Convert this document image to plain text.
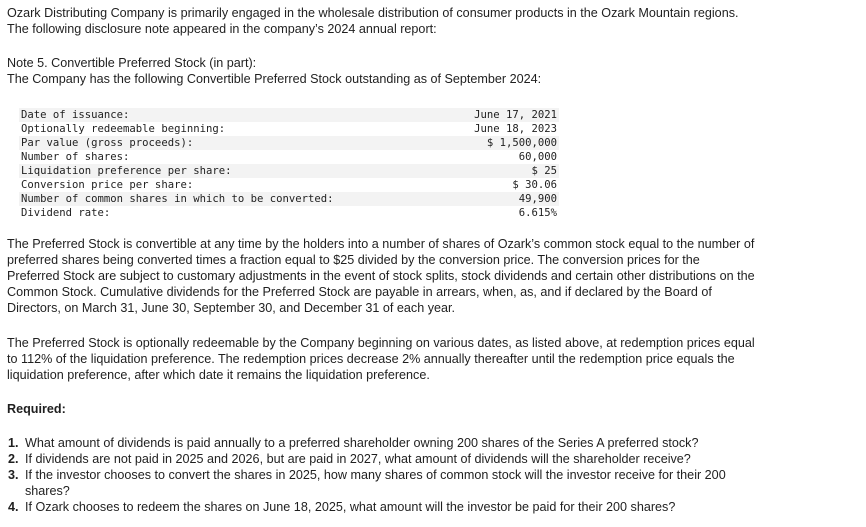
Ozark Distributing Company is primarily engaged in the wholesale distribution of consumer products in the Ozark Mountain regions.
The following disclosure note appeared in the company’s 2024 annual report:
Note 5. Convertible Preferred Stock (in part):
The Company has the following Convertible Preferred Stock outstanding as of September 2024:
Date of issuance:	June 17, 2021
Optionally redeemable beginning:	June 18, 2023
Par value (gross proceeds):	$ 1,500,000
Number of shares:	60,000
Liquidation preference per share:	$ 25
Conversion price per share:	$ 30.06
Number of common shares in which to be converted:	49,900
Dividend rate:	6.615%
The Preferred Stock is convertible at any time by the holders into a number of shares of Ozark’s common stock equal to the number of
preferred shares being converted times a fraction equal to $25 divided by the conversion price. The conversion prices for the
Preferred Stock are subject to customary adjustments in the event of stock splits, stock dividends and certain other distributions on the
Common Stock. Cumulative dividends for the Preferred Stock are payable in arrears, when, as, and if declared by the Board of
Directors, on March 31, June 30, September 30, and December 31 of each year.
The Preferred Stock is optionally redeemable by the Company beginning on various dates, as listed above, at redemption prices equal
to 112% of the liquidation preference. The redemption prices decrease 2% annually thereafter until the redemption price equals the
liquidation preference, after which date it remains the liquidation preference.
Required:
1. What amount of dividends is paid annually to a preferred shareholder owning 200 shares of the Series A preferred stock?
2. If dividends are not paid in 2025 and 2026, but are paid in 2027, what amount of dividends will the shareholder receive?
3. If the investor chooses to convert the shares in 2025, how many shares of common stock will the investor receive for their 200
shares?
4. If Ozark chooses to redeem the shares on June 18, 2025, what amount will the investor be paid for their 200 shares?
